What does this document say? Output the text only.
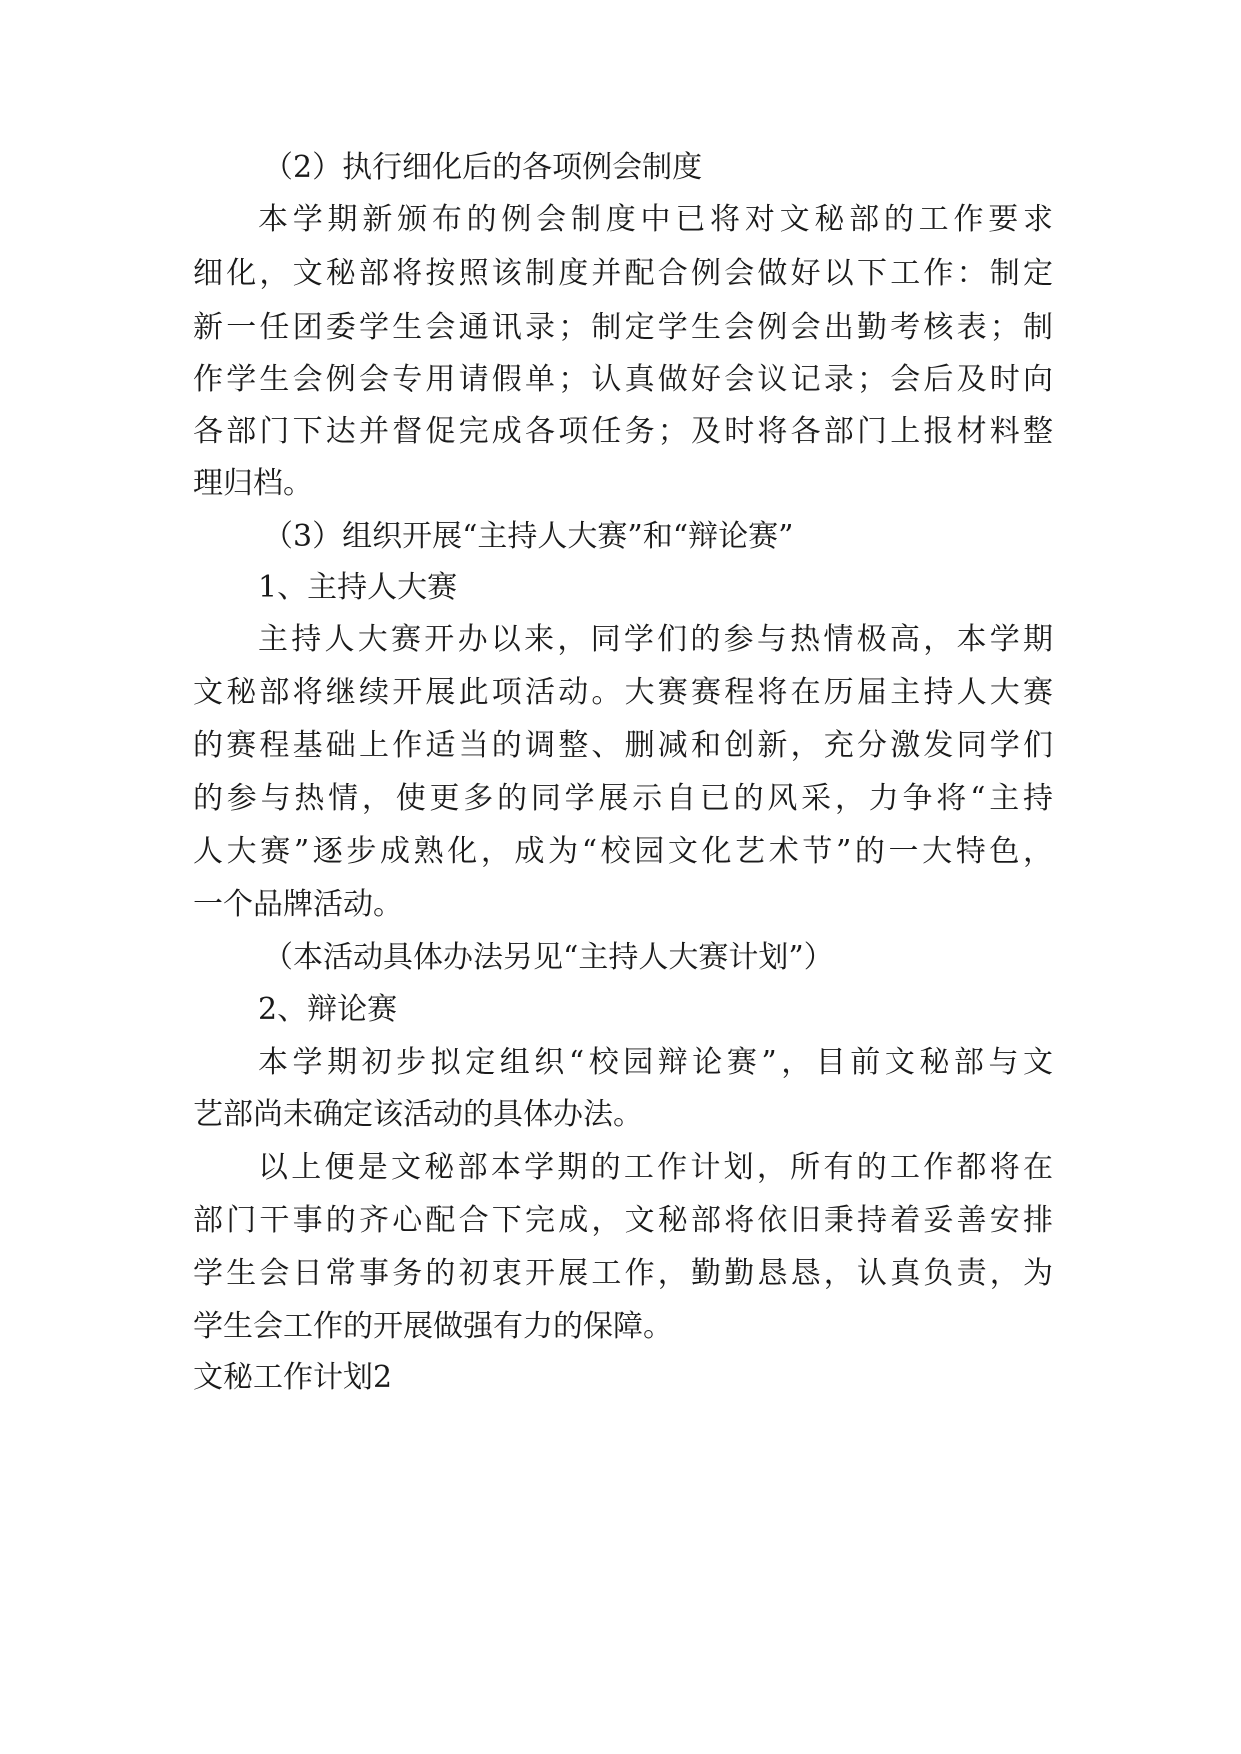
（2）执行细化后的各项例会制度
本学期新颁布的例会制度中已将对文秘部的工作要求
细化，文秘部将按照该制度并配合例会做好以下工作：制定
新一任团委学生会通讯录；制定学生会例会出勤考核表；制
作学生会例会专用请假单；认真做好会议记录；会后及时向
各部门下达并督促完成各项任务；及时将各部门上报材料整
理归档。
（3）组织开展“主持人大赛”和“辩论赛”
1、主持人大赛
主持人大赛开办以来，同学们的参与热情极高，本学期
文秘部将继续开展此项活动。大赛赛程将在历届主持人大赛
的赛程基础上作适当的调整、删减和创新，充分激发同学们
的参与热情，使更多的同学展示自已的风采，力争将“主持
人大赛”逐步成熟化，成为“校园文化艺术节”的一大特色，
一个品牌活动。
（本活动具体办法另见“主持人大赛计划”）
2、辩论赛
本学期初步拟定组织“校园辩论赛”，目前文秘部与文
艺部尚未确定该活动的具体办法。
以上便是文秘部本学期的工作计划，所有的工作都将在
部门干事的齐心配合下完成，文秘部将依旧秉持着妥善安排
学生会日常事务的初衷开展工作，勤勤恳恳，认真负责，为
学生会工作的开展做强有力的保障。
文秘工作计划2
